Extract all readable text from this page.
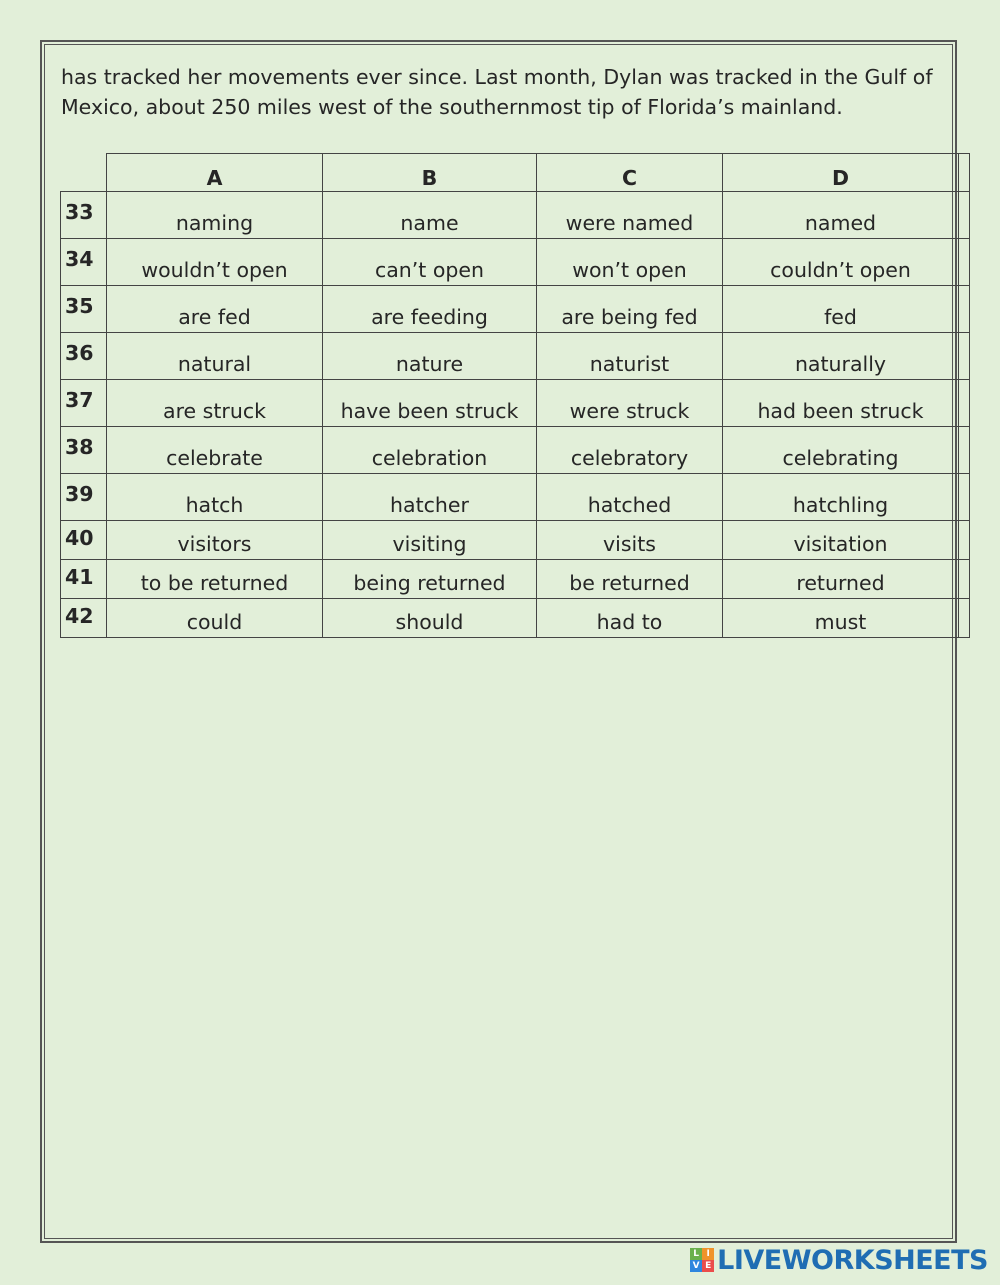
has tracked her movements ever since. Last month, Dylan was tracked in the Gulf of Mexico, about 250 miles west of the southernmost tip of Florida’s mainland.

	A	B	C	D	
33	naming	name	were named	named	
34	wouldn’t open	can’t open	won’t open	couldn’t open	
35	are fed	are feeding	are being fed	fed	
36	natural	nature	naturist	naturally	
37	are struck	have been struck	were struck	had been struck	
38	celebrate	celebration	celebratory	celebrating	
39	hatch	hatcher	hatched	hatchling	
40	visitors	visiting	visits	visitation	
41	to be returned	being returned	be returned	returned	
42	could	should	had to	must	
L I
V E LIVEWORKSHEETS
